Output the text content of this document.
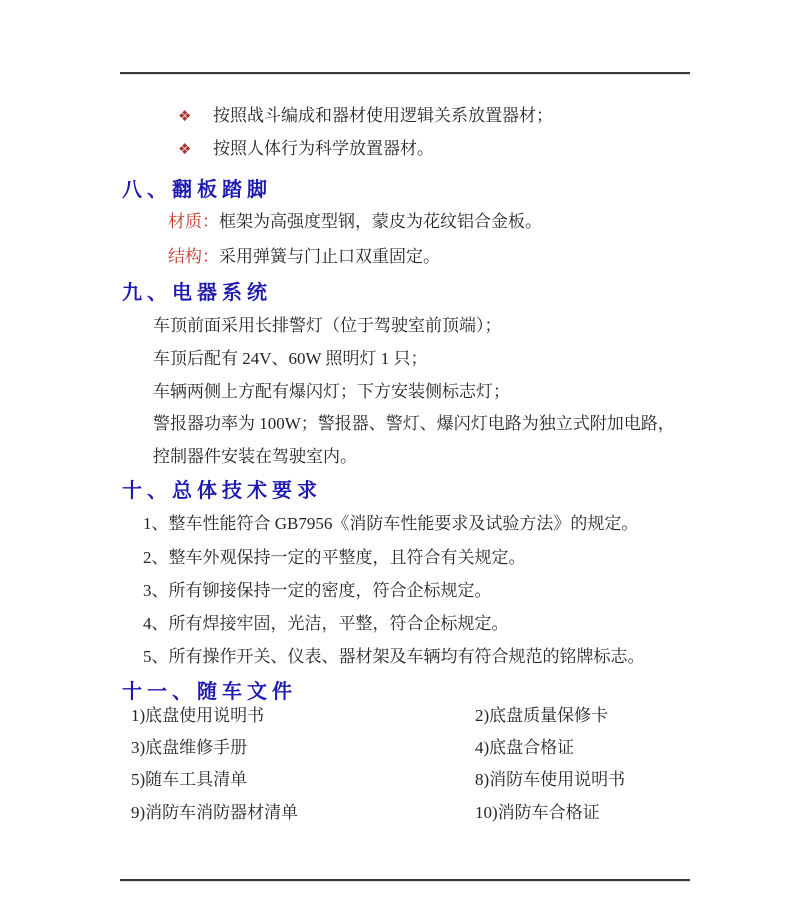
❖ 按照战斗编成和器材使用逻辑关系放置器材；
❖ 按照人体行为科学放置器材。
八、翻板踏脚
材质：框架为高强度型钢，蒙皮为花纹铝合金板。
结构：采用弹簧与门止口双重固定。
九、电器系统
车顶前面采用长排警灯（位于驾驶室前顶端）；
车顶后配有 24V、60W 照明灯 1 只；
车辆两侧上方配有爆闪灯；下方安装侧标志灯；
警报器功率为 100W；警报器、警灯、爆闪灯电路为独立式附加电路，
控制器件安装在驾驶室内。
十、总体技术要求
1、整车性能符合 GB7956《消防车性能要求及试验方法》的规定。
2、整车外观保持一定的平整度，且符合有关规定。
3、所有铆接保持一定的密度，符合企标规定。
4、所有焊接牢固，光洁，平整，符合企标规定。
5、所有操作开关、仪表、器材架及车辆均有符合规范的铭牌标志。
十一、随车文件
1)底盘使用说明书	2)底盘质量保修卡
3)底盘维修手册	4)底盘合格证
5)随车工具清单	8)消防车使用说明书
9)消防车消防器材清单	10)消防车合格证
